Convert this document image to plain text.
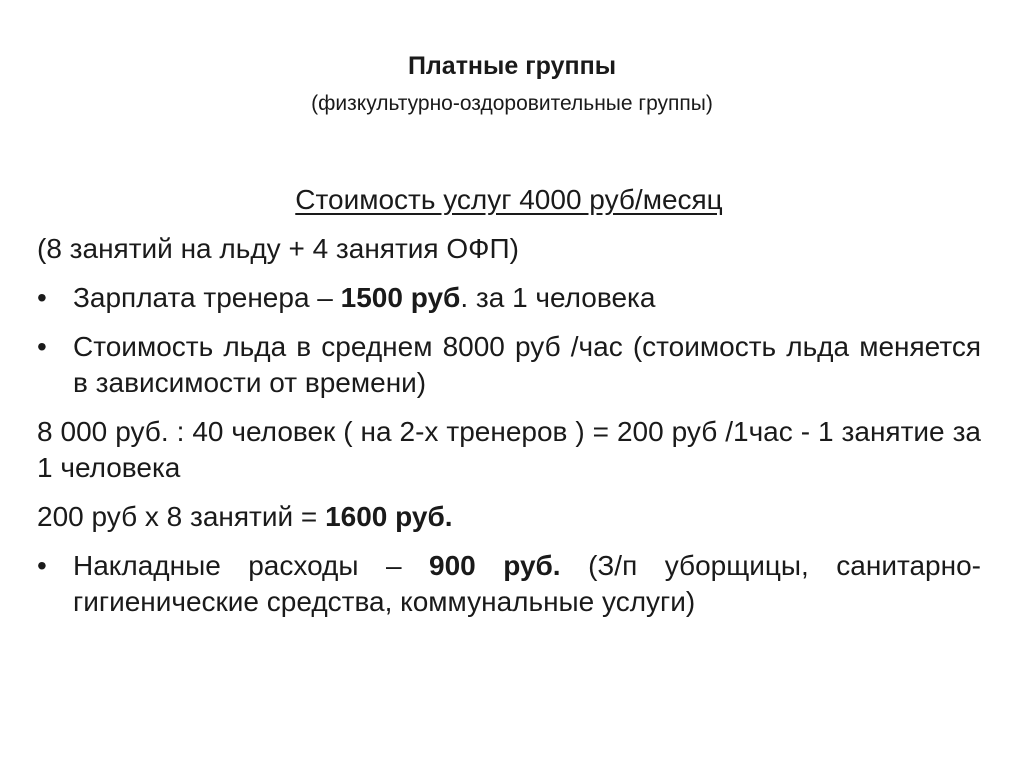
Платные группы
(физкультурно-оздоровительные группы)
Стоимость услуг 4000 руб/месяц
(8 занятий на льду + 4 занятия ОФП)
• Зарплата тренера – 1500 руб. за 1 человека
• Стоимость льда в среднем 8000 руб /час (стоимость льда меняется в зависимости от времени)
8 000 руб. : 40 человек ( на 2-х тренеров ) = 200 руб /1час - 1 занятие за 1 человека
200 руб х 8 занятий = 1600 руб.
• Накладные расходы – 900 руб. (З/п уборщицы, санитарно-гигиенические средства, коммунальные услуги)
